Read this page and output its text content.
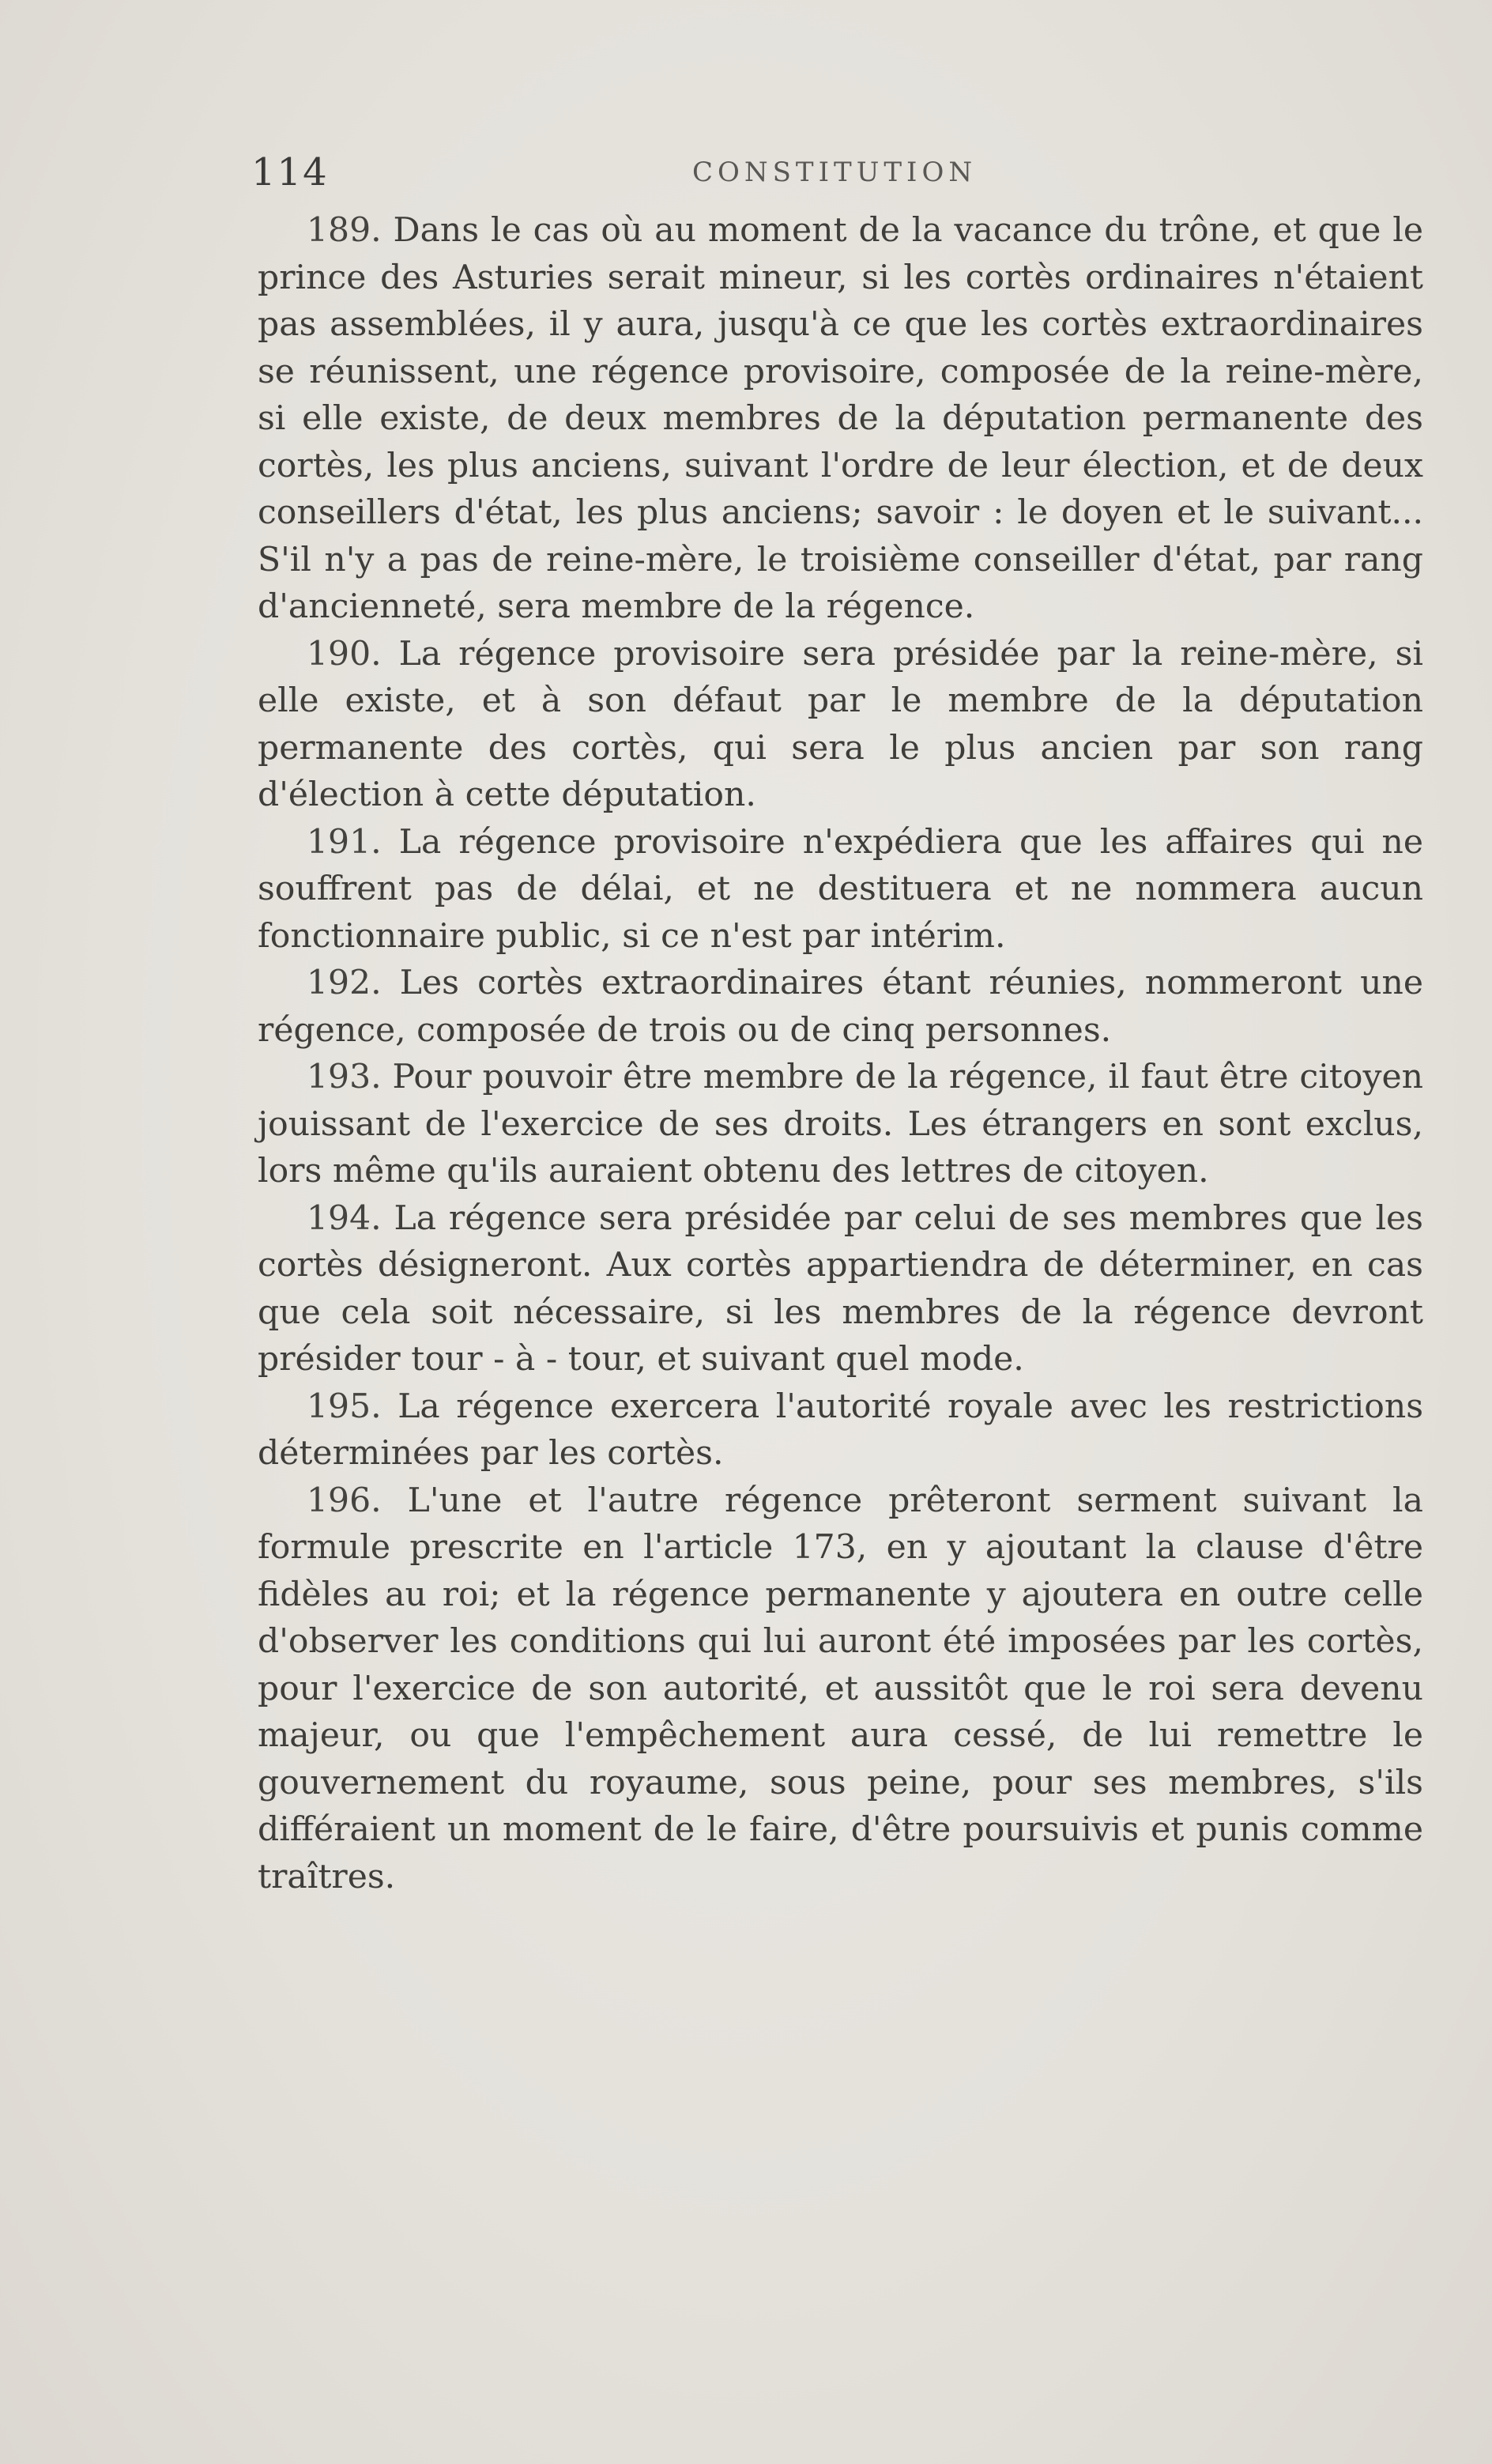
114	CONSTITUTION

189. Dans le cas où au moment de la vacance du trône, et que le prince des Asturies serait mineur, si les cortès ordinaires n'étaient pas assemblées, il y aura, jusqu'à ce que les cortès extraordinaires se réunissent, une régence provisoire, composée de la reine-mère, si elle existe, de deux membres de la députation permanente des cortès, les plus anciens, suivant l'ordre de leur élection, et de deux conseillers d'état, les plus anciens; savoir : le doyen et le suivant... S'il n'y a pas de reine-mère, le troisième conseiller d'état, par rang d'ancienneté, sera membre de la régence.

190. La régence provisoire sera présidée par la reine-mère, si elle existe, et à son défaut par le membre de la députation permanente des cortès, qui sera le plus ancien par son rang d'élection à cette députation.

191. La régence provisoire n'expédiera que les affaires qui ne souffrent pas de délai, et ne destituera et ne nommera aucun fonctionnaire public, si ce n'est par intérim.

192. Les cortès extraordinaires étant réunies, nommeront une régence, composée de trois ou de cinq personnes.

193. Pour pouvoir être membre de la régence, il faut être citoyen jouissant de l'exercice de ses droits. Les étrangers en sont exclus, lors même qu'ils auraient obtenu des lettres de citoyen.

194. La régence sera présidée par celui de ses membres que les cortès désigneront. Aux cortès appartiendra de déterminer, en cas que cela soit nécessaire, si les membres de la régence devront présider tour - à - tour, et suivant quel mode.

195. La régence exercera l'autorité royale avec les restrictions déterminées par les cortès.

196. L'une et l'autre régence prêteront serment suivant la formule prescrite en l'article 173, en y ajoutant la clause d'être fidèles au roi; et la régence permanente y ajoutera en outre celle d'observer les conditions qui lui auront été imposées par les cortès, pour l'exercice de son autorité, et aussitôt que le roi sera devenu majeur, ou que l'empêchement aura cessé, de lui remettre le gouvernement du royaume, sous peine, pour ses membres, s'ils différaient un moment de le faire, d'être poursuivis et punis comme traîtres.
